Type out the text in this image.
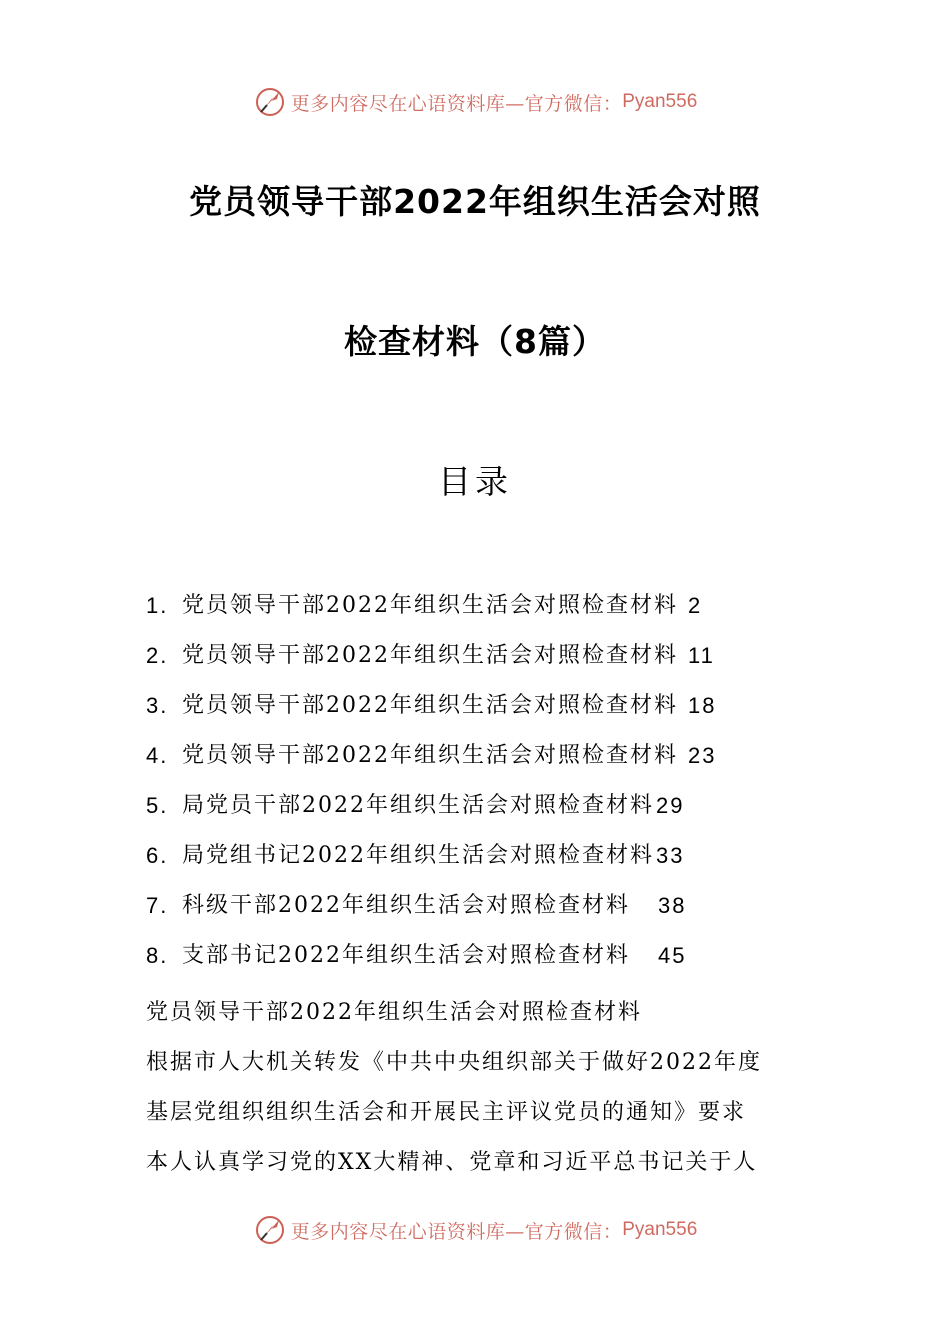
更多内容尽在心语资料库—官方微信： Pyan556
党员领导干部2022年组织生活会对照
检查材料（8篇）
目录
1. 党员领导干部2022年组织生活会对照检查材料 2
2. 党员领导干部2022年组织生活会对照检查材料 11
3. 党员领导干部2022年组织生活会对照检查材料 18
4. 党员领导干部2022年组织生活会对照检查材料 23
5. 局党员干部2022年组织生活会对照检查材料 29
6. 局党组书记2022年组织生活会对照检查材料 33
7. 科级干部2022年组织生活会对照检查材料 38
8. 支部书记2022年组织生活会对照检查材料 45

党员领导干部2022年组织生活会对照检查材料

根据市人大机关转发《中共中央组织部关于做好2022年度

基层党组织组织生活会和开展民主评议党员的通知》要求

本人认真学习党的XX大精神、党章和习近平总书记关于人

更多内容尽在心语资料库—官方微信： Pyan556
